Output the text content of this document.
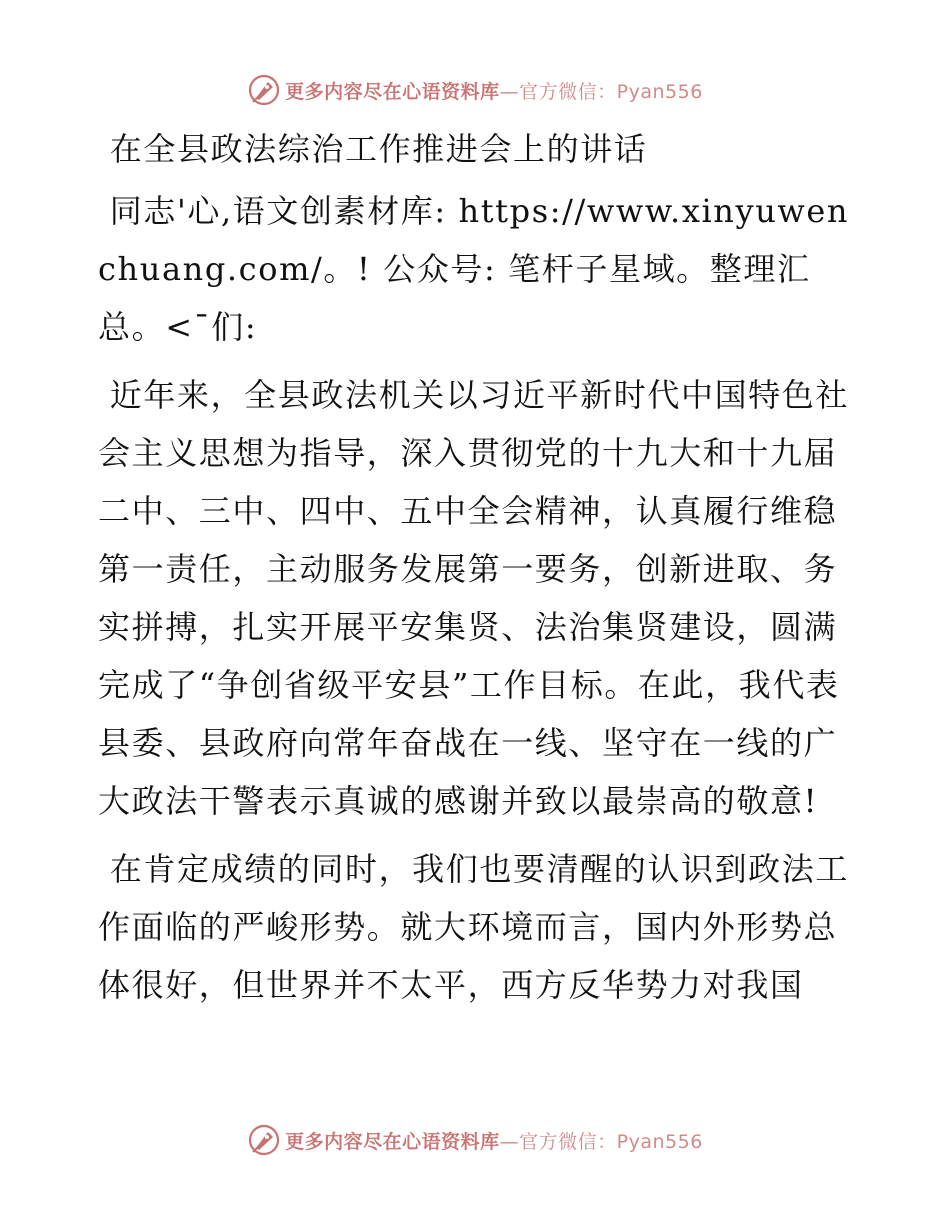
更多内容尽在心语资料库—官方微信：Pyan556

在全县政法综治工作推进会上的讲话

同志'心,语文创素材库: https://www.xinyuwenchuang.com/。! 公众号: 笔杆子星域。整理汇总。<¯们:

近年来，全县政法机关以习近平新时代中国特色社会主义思想为指导，深入贯彻党的十九大和十九届二中、三中、四中、五中全会精神，认真履行维稳第一责任，主动服务发展第一要务，创新进取、务实拼搏，扎实开展平安集贤、法治集贤建设，圆满完成了“争创省级平安县”工作目标。在此，我代表县委、县政府向常年奋战在一线、坚守在一线的广大政法干警表示真诚的感谢并致以最崇高的敬意!

在肯定成绩的同时，我们也要清醒的认识到政法工作面临的严峻形势。就大环境而言，国内外形势总体很好，但世界并不太平，西方反华势力对我国

更多内容尽在心语资料库—官方微信：Pyan556
